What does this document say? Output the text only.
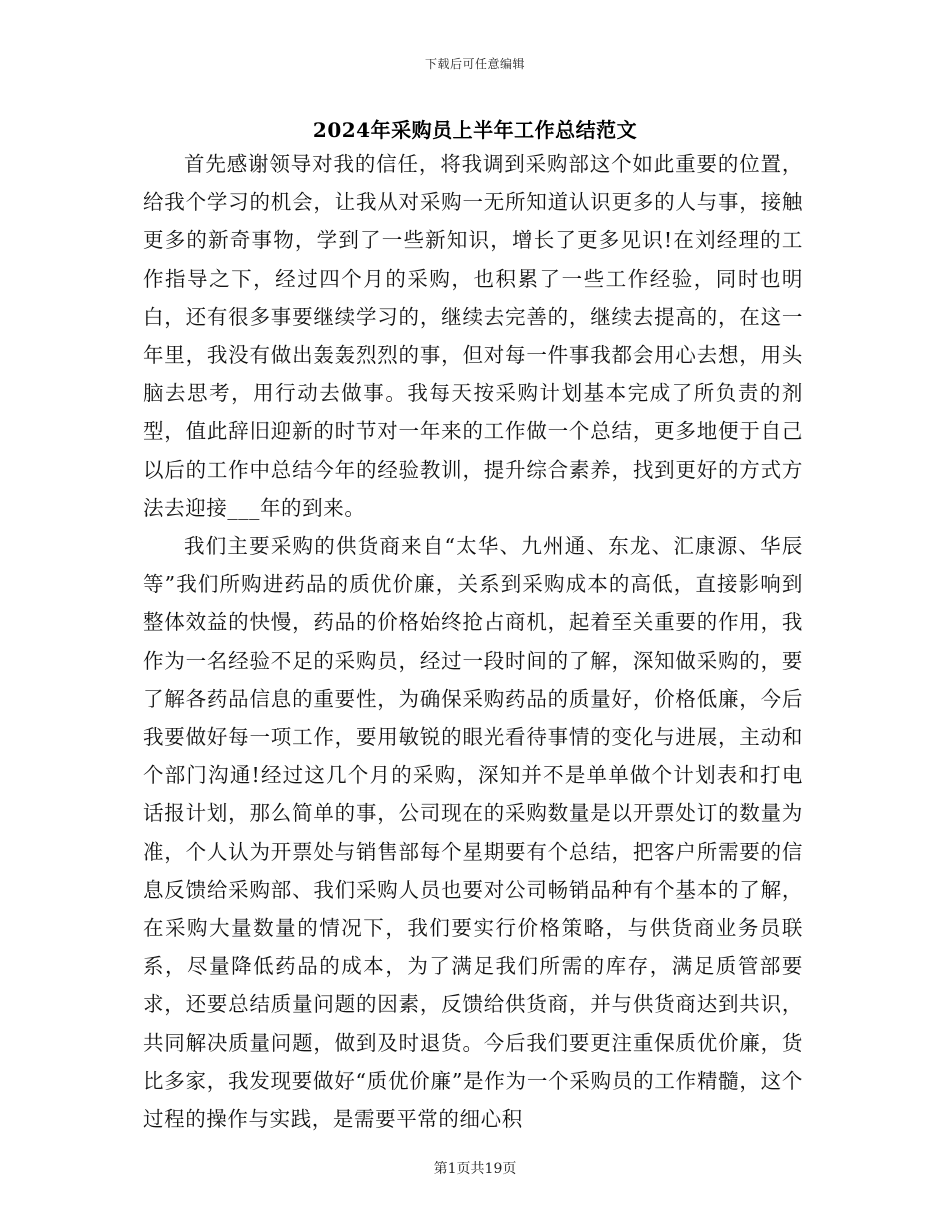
下载后可任意编辑
2024年采购员上半年工作总结范文

首先感谢领导对我的信任，将我调到采购部这个如此重要的位置，给我个学习的机会，让我从对采购一无所知道认识更多的人与事，接触更多的新奇事物，学到了一些新知识，增长了更多见识!在刘经理的工作指导之下，经过四个月的采购，也积累了一些工作经验，同时也明白，还有很多事要继续学习的，继续去完善的，继续去提高的，在这一年里，我没有做出轰轰烈烈的事，但对每一件事我都会用心去想，用头脑去思考，用行动去做事。我每天按采购计划基本完成了所负责的剂型，值此辞旧迎新的时节对一年来的工作做一个总结，更多地便于自己以后的工作中总结今年的经验教训，提升综合素养，找到更好的方式方法去迎接___年的到来。

我们主要采购的供货商来自“太华、九州通、东龙、汇康源、华辰等”我们所购进药品的质优价廉，关系到采购成本的高低，直接影响到整体效益的快慢，药品的价格始终抢占商机，起着至关重要的作用，我作为一名经验不足的采购员，经过一段时间的了解，深知做采购的，要了解各药品信息的重要性，为确保采购药品的质量好，价格低廉，今后我要做好每一项工作，要用敏锐的眼光看待事情的变化与进展，主动和个部门沟通!经过这几个月的采购，深知并不是单单做个计划表和打电话报计划，那么简单的事，公司现在的采购数量是以开票处订的数量为准，个人认为开票处与销售部每个星期要有个总结，把客户所需要的信息反馈给采购部、我们采购人员也要对公司畅销品种有个基本的了解，在采购大量数量的情况下，我们要实行价格策略，与供货商业务员联系，尽量降低药品的成本，为了满足我们所需的库存，满足质管部要求，还要总结质量问题的因素，反馈给供货商，并与供货商达到共识，共同解决质量问题，做到及时退货。今后我们要更注重保质优价廉，货比多家，我发现要做好“质优价廉”是作为一个采购员的工作精髓，这个过程的操作与实践，是需要平常的细心积

第1页共19页
